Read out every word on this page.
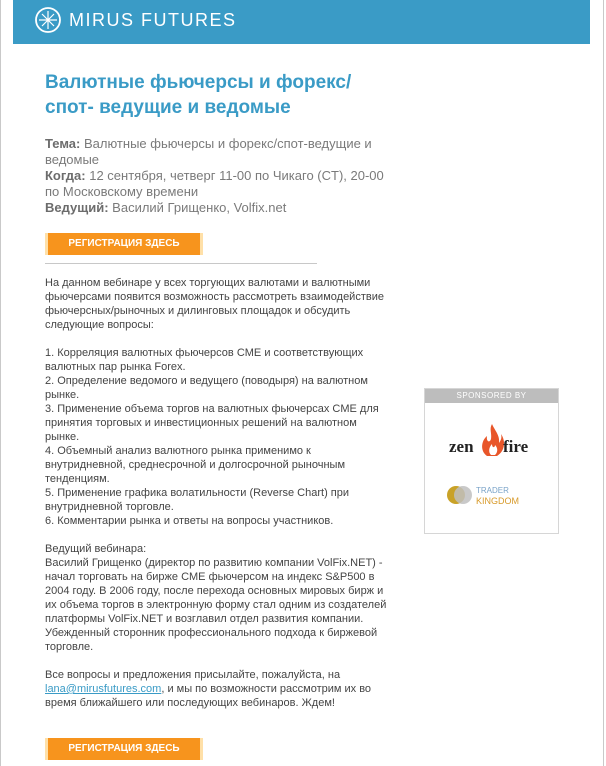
MIRUS FUTURES
Валютные фьючерсы и форекс/ спот- ведущие и ведомые
Тема: Валютные фьючерсы и форекс/спот-ведущие и ведомые
Когда: 12 сентября, четверг 11-00 по Чикаго (CT), 20-00 по Московскому времени
Ведущий: Василий Грищенко, Volfix.net
РЕГИСТРАЦИЯ ЗДЕСЬ

На данном вебинаре у всех торгующих валютами и валютными фьючерсами появится возможность рассмотреть взаимодействие фьючерсных/рыночных и дилинговых площадок и обсудить следующие вопросы:

1. Корреляция валютных фьючерсов CME и соответствующих валютных пар рынка Forex.

2. Определение ведомого и ведущего (поводыря) на валютном рынке.

3. Применение объема торгов на валютных фьючерсах CME для принятия торговых и инвестиционных решений на валютном рынке.

4. Объемный анализ валютного рынка применимо к внутридневной, среднесрочной и долгосрочной рыночным тенденциям.

5. Применение графика волатильности (Reverse Chart) при внутридневной торговле.

6. Комментарии рынка и ответы на вопросы участников.

Ведущий вебинара:

Василий Грищенко (директор по развитию компании VolFix.NET) - начал торговать на бирже CME фьючерсом на индекс S&P500 в 2004 году. В 2006 году, после перехода основных мировых бирж и их объема торгов в электронную форму стал одним из создателей платформы VolFix.NET и возглавил отдел развития компании. Убежденный сторонник профессионального подхода к биржевой торговле.

Все вопросы и предложения присылайте, пожалуйста, на lana@mirusfutures.com, и мы по возможности рассмотрим их во время ближайшего или последующих вебинаров. Ждем!

РЕГИСТРАЦИЯ ЗДЕСЬ
SPONSORED BY
zen fire
TRADER
KINGDOM
